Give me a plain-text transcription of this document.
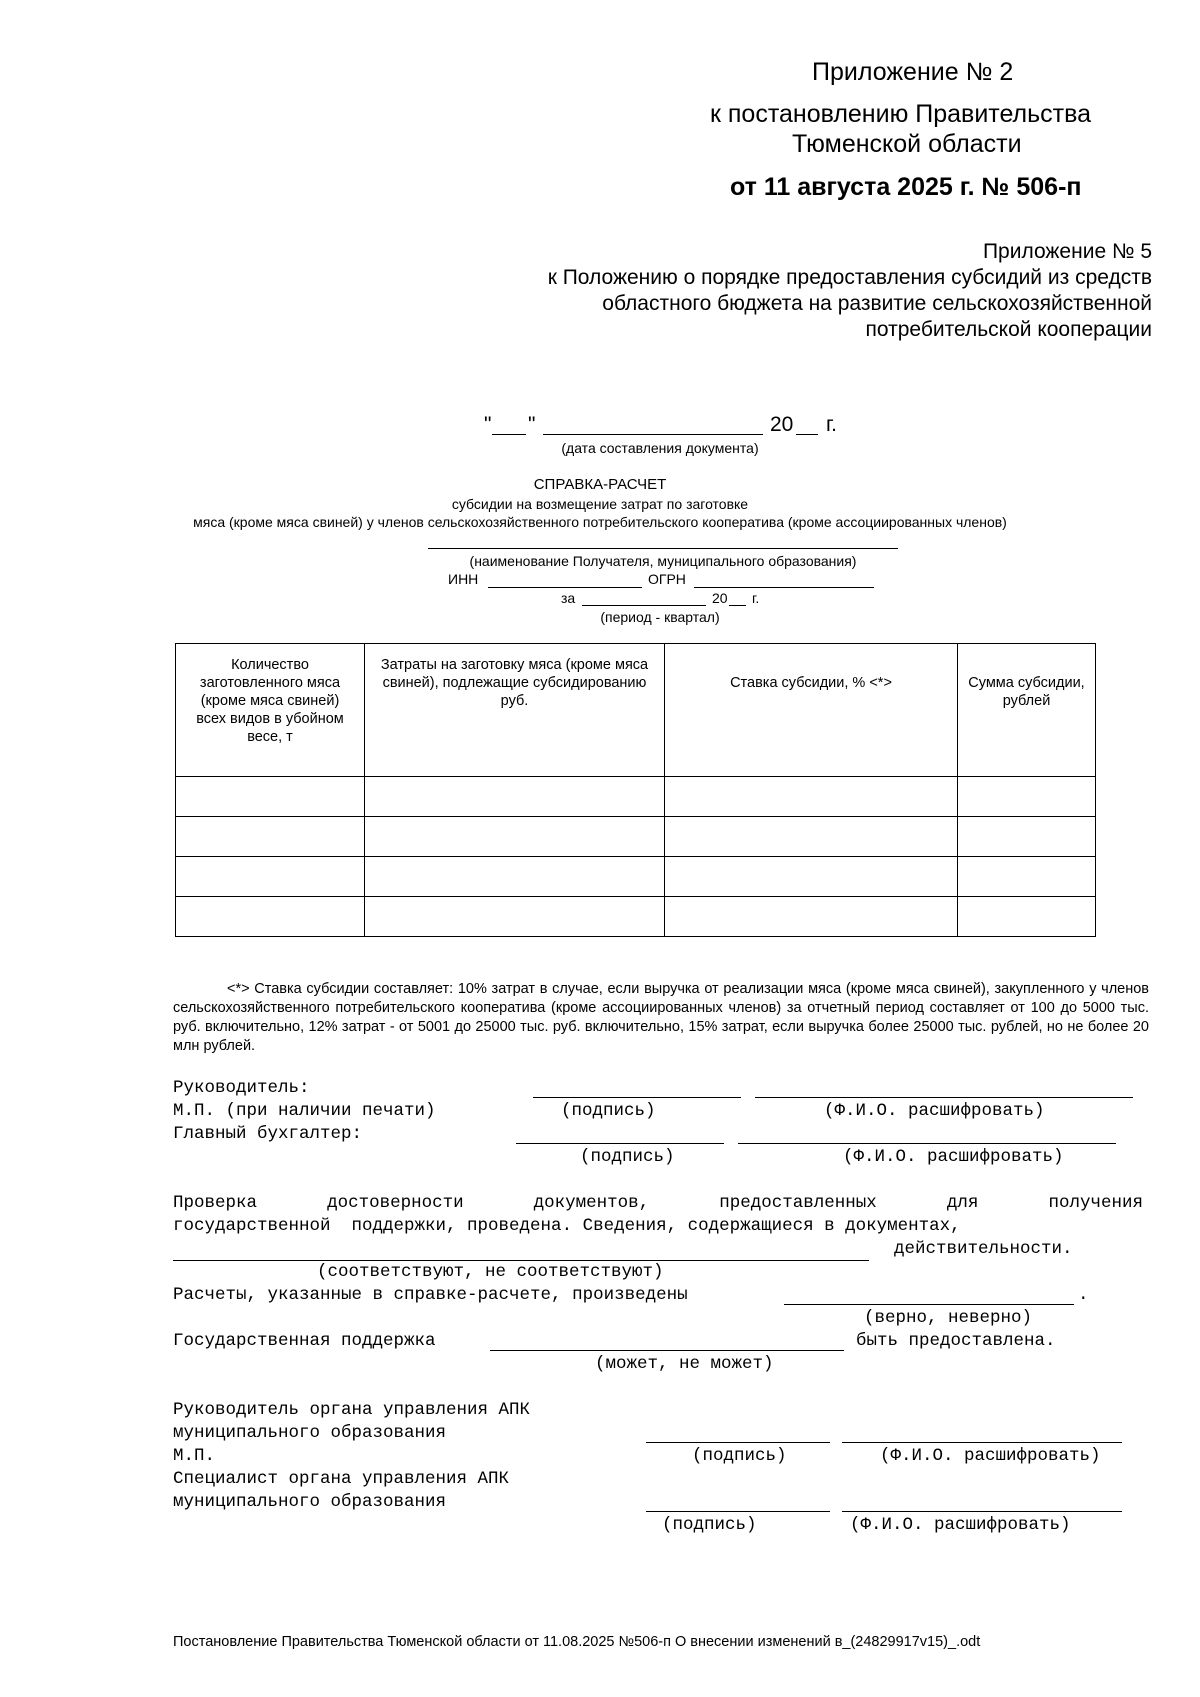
Приложение № 2
к постановлению Правительства
Тюменской области
от 11 августа 2025 г. № 506-п
Приложение № 5
к Положению о порядке предоставления субсидий из средств
областного бюджета на развитие сельскохозяйственной
потребительской кооперации
" "	20 г.
(дата составления документа)
СПРАВКА-РАСЧЕТ
субсидии на возмещение затрат по заготовке
мяса (кроме мяса свиней) у членов сельскохозяйственного потребительского кооператива (кроме ассоциированных членов)
(наименование Получателя, муниципального образования)
ИНН	ОГРН
за	20 г.
(период - квартал)
Количество заготовленного мяса (кроме мяса свиней) всех видов в убойном весе, т	Затраты на заготовку мяса (кроме мяса свиней), подлежащие субсидированию руб.	Ставка субсидии, % <*>	Сумма субсидии, рублей

<*> Ставка субсидии составляет: 10% затрат в случае, если выручка от реализации мяса (кроме мяса свиней), закупленного у членов сельскохозяйственного потребительского кооператива (кроме ассоциированных членов) за отчетный период составляет от 100 до 5000 тыс. руб. включительно, 12% затрат - от 5001 до 25000 тыс. руб. включительно, 15% затрат, если выручка более 25000 тыс. рублей, но не более 20 млн рублей.
Руководитель:
М.П. (при наличии печати)	(подпись)	(Ф.И.О. расшифровать)
Главный бухгалтер:
(подпись)	(Ф.И.О. расшифровать)
Проверка	достоверности	документов,	предоставленных	для	получения
государственной  поддержки, проведена. Сведения, содержащиеся в документах,
действительности.
(соответствуют, не соответствуют)
Расчеты, указанные в справке-расчете, произведены	.
(верно, неверно)
Государственная поддержка	быть предоставлена.
(может, не может)
Руководитель органа управления АПК
муниципального образования
М.П.	(подпись)	(Ф.И.О. расшифровать)
Специалист органа управления АПК
муниципального образования
(подпись)	(Ф.И.О. расшифровать)
Постановление Правительства Тюменской области от 11.08.2025 №506-п О внесении изменений в_(24829917v15)_.odt
